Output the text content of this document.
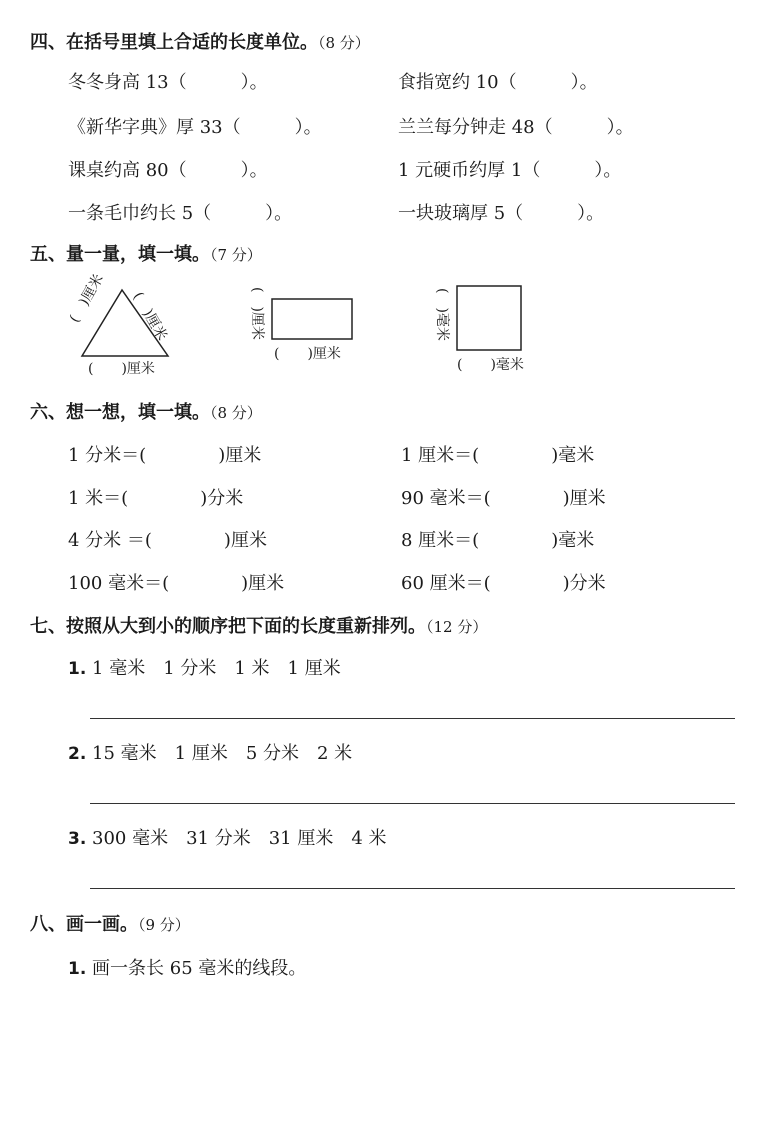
四、在括号里填上合适的长度单位。（8 分）
冬冬身高 13（　　　）。	食指宽约 10（　　　）。
《新华字典》厚 33（　　　）。	兰兰每分钟走 48（　　　）。
课桌约高 80（　　　）。	1 元硬币约厚 1（　　　）。
一条毛巾约长 5（　　　）。	一块玻璃厚 5（　　　）。
五、量一量，填一填。（7 分）
(　)厘米 (　)厘米
(　　)厘米
(　)厘米
(　　)厘米
(　)毫米
(　　)毫米
六、想一想，填一填。（8 分）
1 分米＝(　　　　)厘米	1 厘米＝(　　　　)毫米
1 米＝(　　　　)分米	90 毫米＝(　　　　)厘米
4 分米 ＝(　　　　)厘米	8 厘米＝(　　　　)毫米
100 毫米＝(　　　　)厘米	60 厘米＝(　　　　)分米
七、按照从大到小的顺序把下面的长度重新排列。（12 分）
1. 1 毫米　1 分米　1 米　1 厘米
2. 15 毫米　1 厘米　5 分米　2 米
3. 300 毫米　31 分米　31 厘米　4 米
八、画一画。（9 分）
1. 画一条长 65 毫米的线段。
